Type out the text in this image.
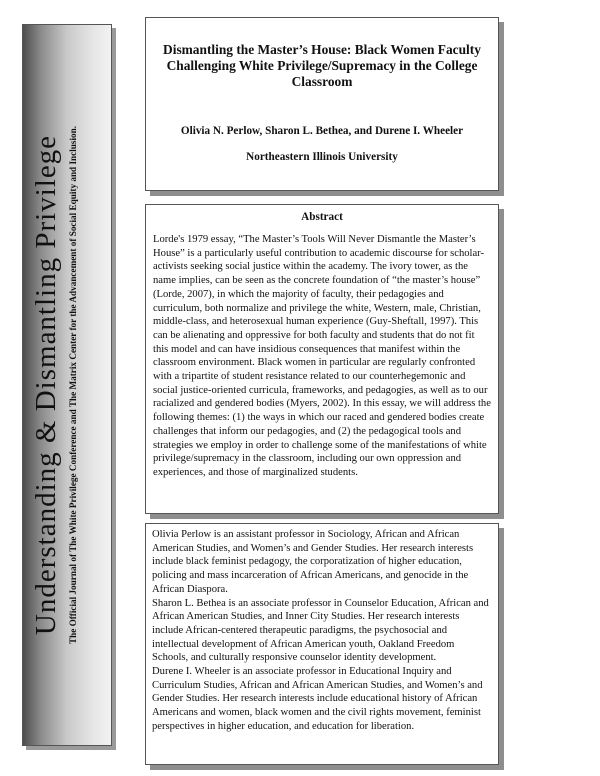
Understanding & Dismantling Privilege The Official Journal of The White Privilege Conference and The Matrix Center for the Advancement of Social Equity and Inclusion.
Dismantling the Master’s House: Black Women Faculty Challenging White Privilege/Supremacy in the College Classroom
Olivia N. Perlow, Sharon L. Bethea, and Durene I. Wheeler
Northeastern Illinois University
Abstract
Lorde's 1979 essay, “The Master’s Tools Will Never Dismantle the Master’s House” is a particularly useful contribution to academic discourse for scholar-activists seeking social justice within the academy. The ivory tower, as the name implies, can be seen as the concrete foundation of “the master’s house” (Lorde, 2007), in which the majority of faculty, their pedagogies and curriculum, both normalize and privilege the white, Western, male, Christian, middle-class, and heterosexual human experience (Guy-Sheftall, 1997). This can be alienating and oppressive for both faculty and students that do not fit this model and can have insidious consequences that manifest within the classroom environment. Black women in particular are regularly confronted with a tripartite of student resistance related to our counterhegemonic and social justice-oriented curricula, frameworks, and pedagogies, as well as to our racialized and gendered bodies (Myers, 2002). In this essay, we will address the following themes: (1) the ways in which our raced and gendered bodies create challenges that inform our pedagogies, and (2) the pedagogical tools and strategies we employ in order to challenge some of the manifestations of white privilege/supremacy in the classroom, including our own oppression and experiences, and those of marginalized students.

Olivia Perlow is an assistant professor in Sociology, African and African American Studies, and Women’s and Gender Studies. Her research interests include black feminist pedagogy, the corporatization of higher education, policing and mass incarceration of African Americans, and genocide in the African Diaspora.

Sharon L. Bethea is an associate professor in Counselor Education, African and African American Studies, and Inner City Studies. Her research interests include African-centered therapeutic paradigms, the psychosocial and intellectual development of African American youth, Oakland Freedom Schools, and culturally responsive counselor identity development.

Durene I. Wheeler is an associate professor in Educational Inquiry and Curriculum Studies, African and African American Studies, and Women’s and Gender Studies. Her research interests include educational history of African Americans and women, black women and the civil rights movement, feminist perspectives in higher education, and education for liberation.
